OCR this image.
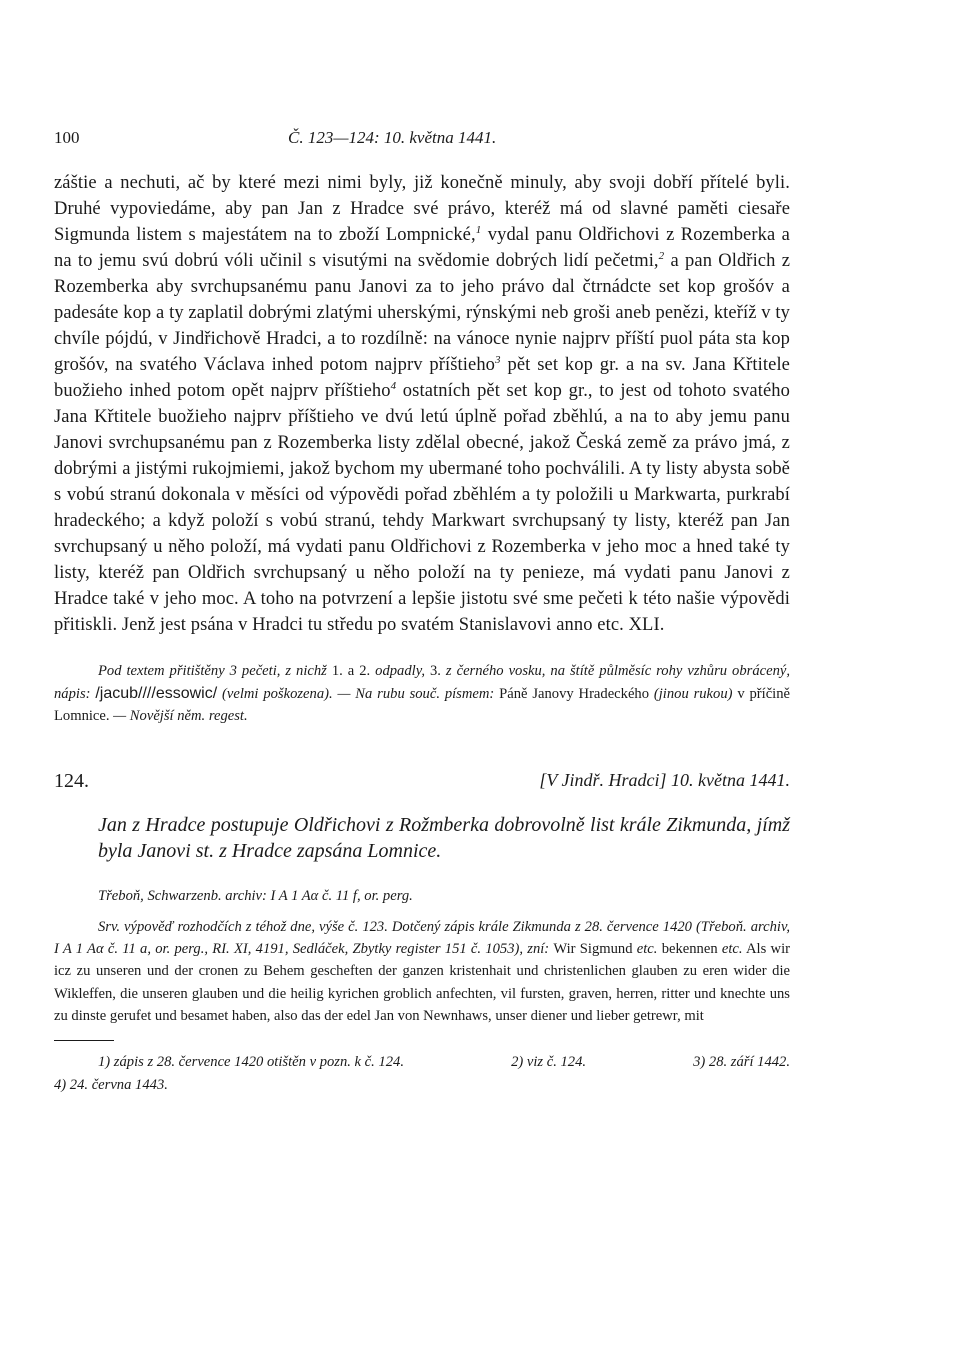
100	Č. 123—124: 10. května 1441.

záštie a nechuti, ač by které mezi nimi byly, již konečně minuly, aby svoji dobří přítelé byli. Druhé vypoviedáme, aby pan Jan z Hradce své právo, kteréž má od slavné paměti ciesaře Sigmunda listem s majestátem na to zboží Lompnické,$^1$ vydal panu Oldřichovi z Rozemberka a na to jemu svú dobrú vóli učinil s visutými na svědomie dobrých lidí pečetmi,$^2$ a pan Oldřich z Rozemberka aby svrchupsanému panu Janovi za to jeho právo dal čtrnádcte set kop grošóv a padesáte kop a ty zaplatil dobrými zlatými uherskými, rýnskými neb groši aneb penězi, kteříž v ty chvíle pójdú, v Jindřichově Hradci, a to rozdílně: na vánoce nynie najprv příští puol páta sta kop grošóv, na svatého Václava inhed potom najprv příštieho$^3$ pět set kop gr. a na sv. Jana Křtitele buožieho inhed potom opět najprv příštieho$^4$ ostatních pět set kop gr., to jest od tohoto svatého Jana Křtitele buožieho najprv příštieho ve dvú letú úplně pořad zběhlú, a na to aby jemu panu Janovi svrchupsanému pan z Rozemberka listy zdělal obecné, jakož Česká země za právo jmá, z dobrými a jistými rukojmiemi, jakož bychom my ubermané toho pochválili. A ty listy abysta sobě s vobú stranú dokonala v měsíci od výpovědi pořad zběhlém a ty položili u Markwarta, purkrabí hradeckého; a když položí s vobú stranú, tehdy Markwart svrchupsaný ty listy, kteréž pan Jan svrchupsaný u něho položí, má vydati panu Oldřichovi z Rozemberka v jeho moc a hned také ty listy, kteréž pan Oldřich svrchupsaný u něho položí na ty penieze, má vydati panu Janovi z Hradce také v jeho moc. A toho na potvrzení a lepšie jistotu své sme pečeti k této našie výpovědi přitiskli. Jenž jest psána v Hradci tu středu po svatém Stanislavovi anno etc. XLI.

Pod textem přitištěny 3 pečeti, z nichž 1. a 2. odpadly, 3. z černého vosku, na štítě půlměsíc rohy vzhůru obrácený, nápis: /jacub////essowic/ (velmi poškozena). — Na rubu souč. písmem: Páně Janovy Hradeckého (jinou rukou) v příčině Lomnice. — Novější něm. regest.

124.	[V Jindř. Hradci] 10. května 1441.

Jan z Hradce postupuje Oldřichovi z Rožmberka dobrovolně list krále Zikmunda, jímž byla Janovi st. z Hradce zapsána Lomnice.

Třeboň, Schwarzenb. archiv: I A 1 Aα č. 11 f, or. perg.

Srv. výpověď rozhodčích z téhož dne, výše č. 123. Dotčený zápis krále Zikmunda z 28. července 1420 (Třeboň. archiv, I A 1 Aα č. 11 a, or. perg., RI. XI, 4191, Sedláček, Zbytky register 151 č. 1053), zní: Wir Sigmund etc. bekennen etc. Als wir icz zu unseren und der cronen zu Behem gescheften der ganzen kristenhait und christenlichen glauben zu eren wider die Wikleffen, die unseren glauben und die heilig kyrichen groblich anfechten, vil fursten, graven, herren, ritter und knechte uns zu dinste gerufet und besamet haben, also das der edel Jan von Newnhaws, unser diener und lieber getrewr, mit

1) zápis z 28. července 1420 otištěn v pozn. k č. 124.	2) viz č. 124.	3) 28. září 1442.
4) 24. června 1443.
